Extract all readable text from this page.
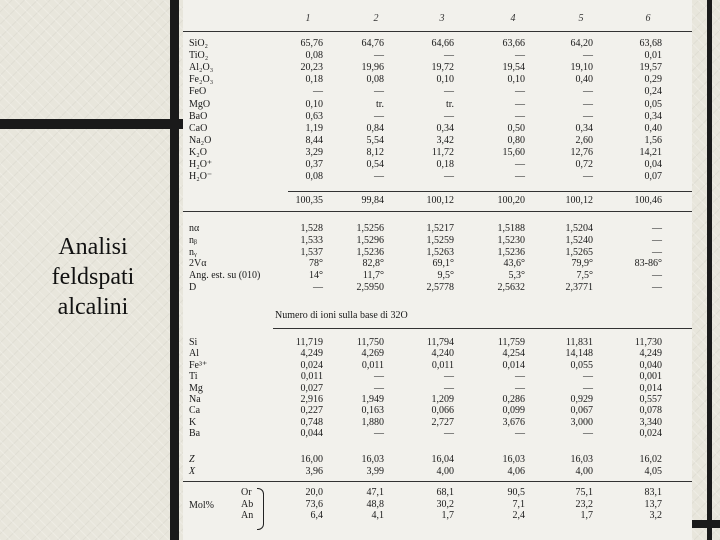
Analisi
feldspati
alcalini	Numero di ioni sulla base di 32O
Mol%
1	2	3	4	5	6
SiO₂	65,76	64,76	64,66	63,66	64,20	63,68
TiO₂	0,08	—	—	—	—	0,01
Al₂O₃	20,23	19,96	19,72	19,54	19,10	19,57
Fe₂O₃	0,18	0,08	0,10	0,10	0,40	0,29
FeO	—	—	—	—	—	0,24
MgO	0,10	tr.	tr.	—	—	0,05
BaO	0,63	—	—	—	—	0,34
CaO	1,19	0,84	0,34	0,50	0,34	0,40
Na₂O	8,44	5,54	3,42	0,80	2,60	1,56
K₂O	3,29	8,12	11,72	15,60	12,76	14,21
H₂O⁺	0,37	0,54	0,18	—	0,72	0,04
H₂O⁻	0,08	—	—	—	—	0,07
100,35	99,84	100,12	100,20	100,12	100,46
nα	1,528	1,5256	1,5217	1,5188	1,5204	—
nᵦ	1,533	1,5296	1,5259	1,5230	1,5240	—
nᵧ	1,537	1,5236	1,5263	1,5236	1,5265	—
2Vα	78°	82,8°	69,1°	43,6°	79,9°	83-86°
Ang. est. su (010)	14°	11,7°	9,5°	5,3°	7,5°	—
D	—	2,5950	2,5778	2,5632	2,3771	—
Si	11,719	11,750	11,794	11,759	11,831	11,730
Al	4,249	4,269	4,240	4,254	14,148	4,249
Fe³⁺	0,024	0,011	0,011	0,014	0,055	0,040
Ti	0,011	—	—	—	—	0,001
Mg	0,027	—	—	—	—	0,014
Na	2,916	1,949	1,209	0,286	0,929	0,557
Ca	0,227	0,163	0,066	0,099	0,067	0,078
K	0,748	1,880	2,727	3,676	3,000	3,340
Ba	0,044	—	—	—	—	0,024
Z	16,00	16,03	16,04	16,03	16,03	16,02
X	3,96	3,99	4,00	4,06	4,00	4,05
Or	20,0	47,1	68,1	90,5	75,1	83,1
Ab	73,6	48,8	30,2	7,1	23,2	13,7
An	6,4	4,1	1,7	2,4	1,7	3,2
